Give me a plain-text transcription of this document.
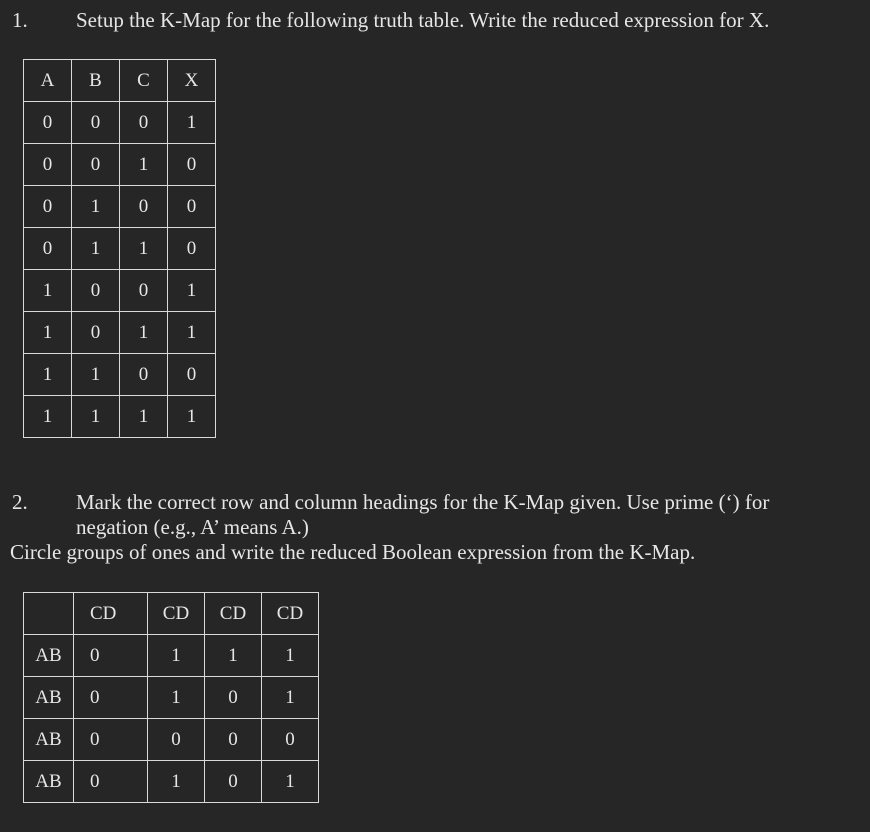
1. Setup the K-Map for the following truth table. Write the reduced expression for X.
A	B	C	X
0	0	0	1
0	0	1	0
0	1	0	0
0	1	1	0
1	0	0	1
1	0	1	1
1	1	0	0
1	1	1	1
2. Mark the correct row and column headings for the K-Map given. Use prime (‘) for
negation (e.g., A’ means A.)
Circle groups of ones and write the reduced Boolean expression from the K-Map.
	CD	CD	CD	CD
AB	0	1	1	1
AB	0	1	0	1
AB	0	0	0	0
AB	0	1	0	1
